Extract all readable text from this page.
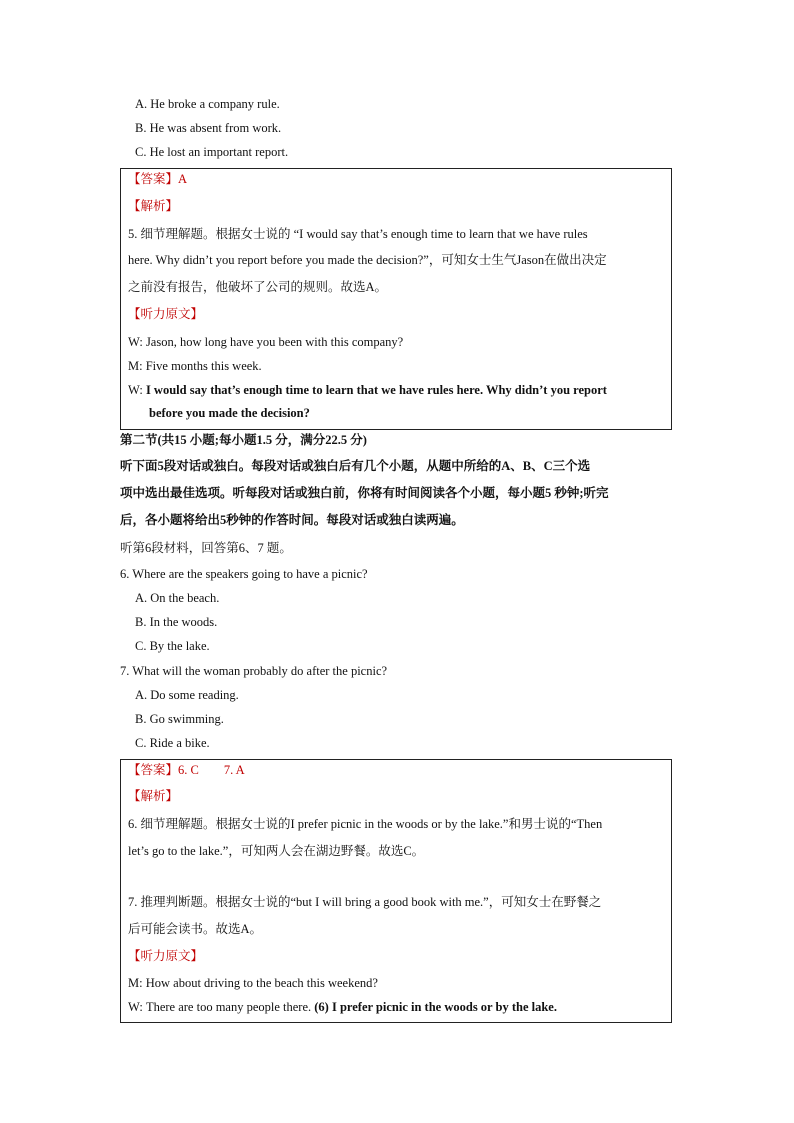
A. He broke a company rule.
B. He was absent from work.
C. He lost an important report.
【答案】A
【解析】
5. 细节理解题。根据女士说的 “I would say that’s enough time to learn that we have rules
here. Why didn’t you report before you made the decision?”，可知女士生气Jason在做出决定
之前没有报告，他破坏了公司的规则。故选A。
【听力原文】
W: Jason, how long have you been with this company?
M: Five months this week.
W: I would say that’s enough time to learn that we have rules here. Why didn’t you report
before you made the decision?
第二节(共15 小题;每小题1.5 分，满分22.5 分)
听下面5段对话或独白。每段对话或独白后有几个小题，从题中所给的A、B、C三个选
项中选出最佳选项。听每段对话或独白前，你将有时间阅读各个小题，每小题5 秒钟;听完
后，各小题将给出5秒钟的作答时间。每段对话或独白读两遍。
听第6段材料，回答第6、7 题。
6. Where are the speakers going to have a picnic?
A. On the beach.
B. In the woods.
C. By the lake.
7. What will the woman probably do after the picnic?
A. Do some reading.
B. Go swimming.
C. Ride a bike.
【答案】6. C        7. A
【解析】
6. 细节理解题。根据女士说的I prefer picnic in the woods or by the lake.”和男士说的“Then
let’s go to the lake.”，可知两人会在湖边野餐。故选C。
7. 推理判断题。根据女士说的“but I will bring a good book with me.”，可知女士在野餐之
后可能会读书。故选A。
【听力原文】
M: How about driving to the beach this weekend?
W: There are too many people there. (6) I prefer picnic in the woods or by the lake.
